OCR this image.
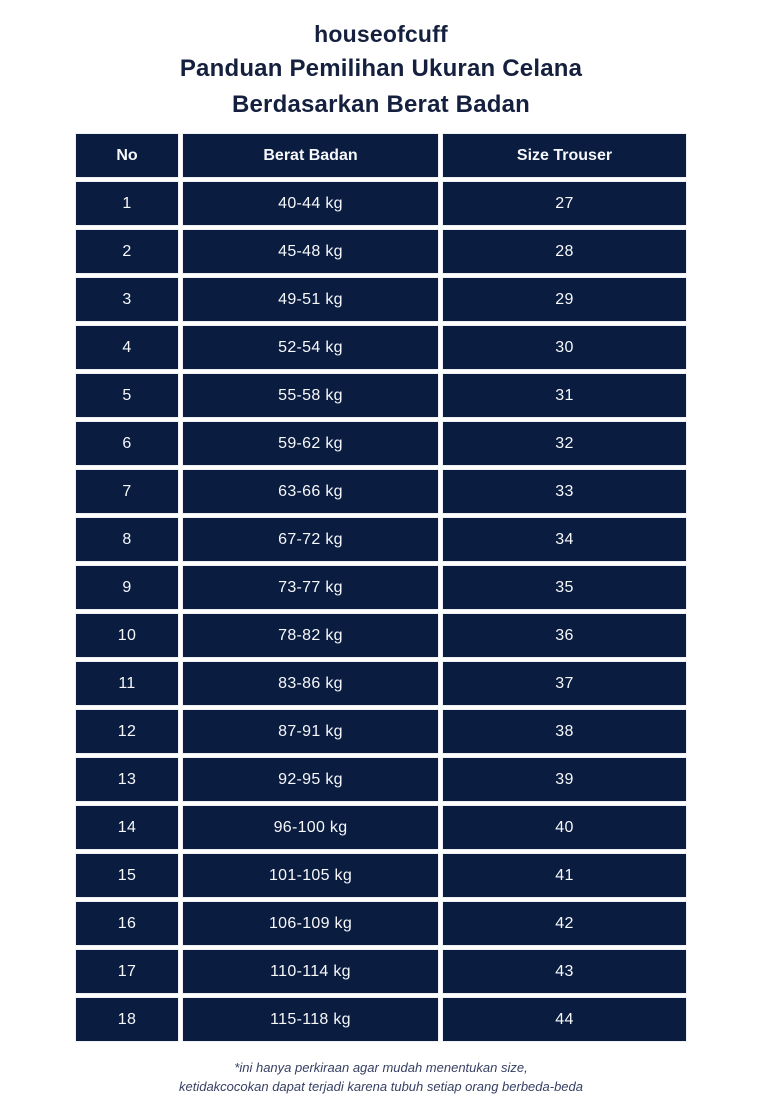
houseofcuff
Panduan Pemilihan Ukuran Celana
Berdasarkan Berat Badan
No	Berat Badan	Size Trouser
1	40-44 kg	27
2	45-48 kg	28
3	49-51 kg	29
4	52-54 kg	30
5	55-58 kg	31
6	59-62 kg	32
7	63-66 kg	33
8	67-72 kg	34
9	73-77 kg	35
10	78-82 kg	36
11	83-86 kg	37
12	87-91 kg	38
13	92-95 kg	39
14	96-100 kg	40
15	101-105 kg	41
16	106-109 kg	42
17	110-114 kg	43
18	115-118 kg	44

*ini hanya perkiraan agar mudah menentukan size,

ketidakcocokan dapat terjadi karena tubuh setiap orang berbeda-beda
